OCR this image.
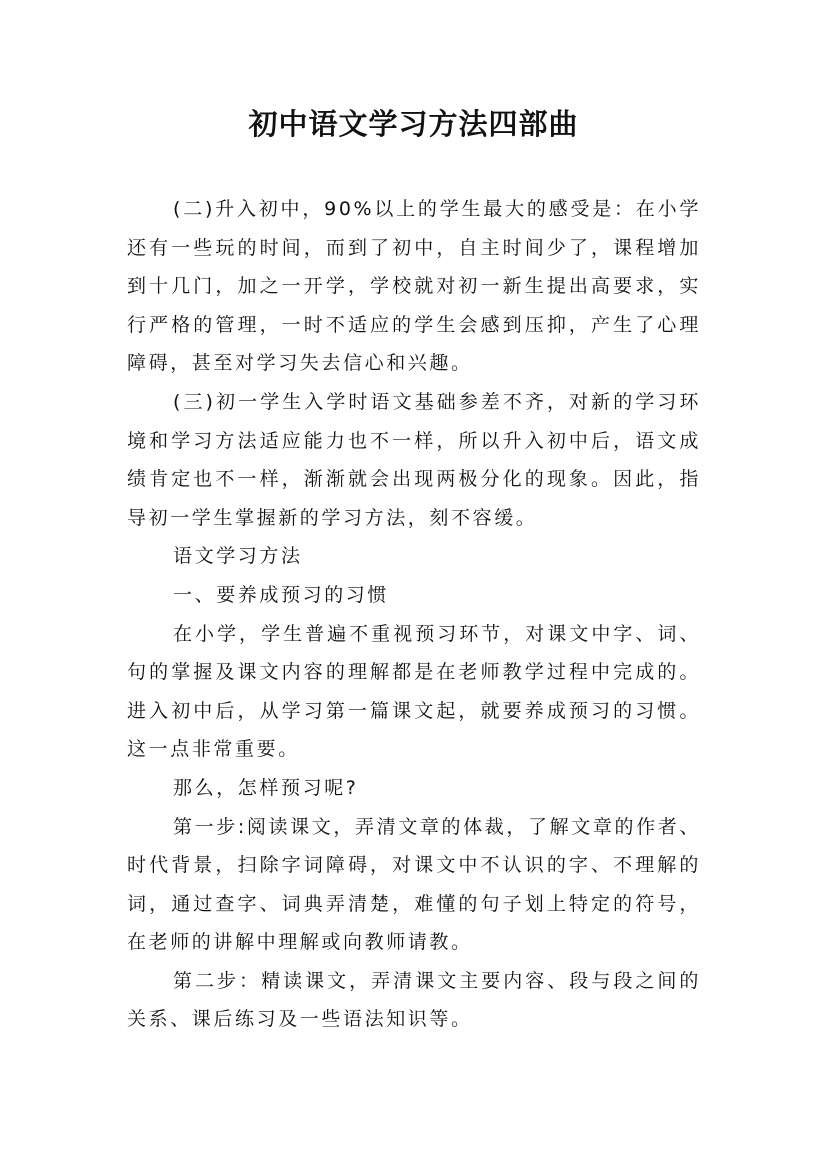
初中语文学习方法四部曲

(二)升入初中，90%以上的学生最大的感受是：在小学还有一些玩的时间，而到了初中，自主时间少了，课程增加到十几门，加之一开学，学校就对初一新生提出高要求，实行严格的管理，一时不适应的学生会感到压抑，产生了心理障碍，甚至对学习失去信心和兴趣。

(三)初一学生入学时语文基础参差不齐，对新的学习环境和学习方法适应能力也不一样，所以升入初中后，语文成绩肯定也不一样，渐渐就会出现两极分化的现象。因此，指导初一学生掌握新的学习方法，刻不容缓。

语文学习方法

一、要养成预习的习惯

在小学，学生普遍不重视预习环节，对课文中字、词、句的掌握及课文内容的理解都是在老师教学过程中完成的。进入初中后，从学习第一篇课文起，就要养成预习的习惯。这一点非常重要。

那么，怎样预习呢?

第一步:阅读课文，弄清文章的体裁，了解文章的作者、时代背景，扫除字词障碍，对课文中不认识的字、不理解的词，通过查字、词典弄清楚，难懂的句子划上特定的符号，在老师的讲解中理解或向教师请教。

第二步：精读课文，弄清课文主要内容、段与段之间的关系、课后练习及一些语法知识等。
